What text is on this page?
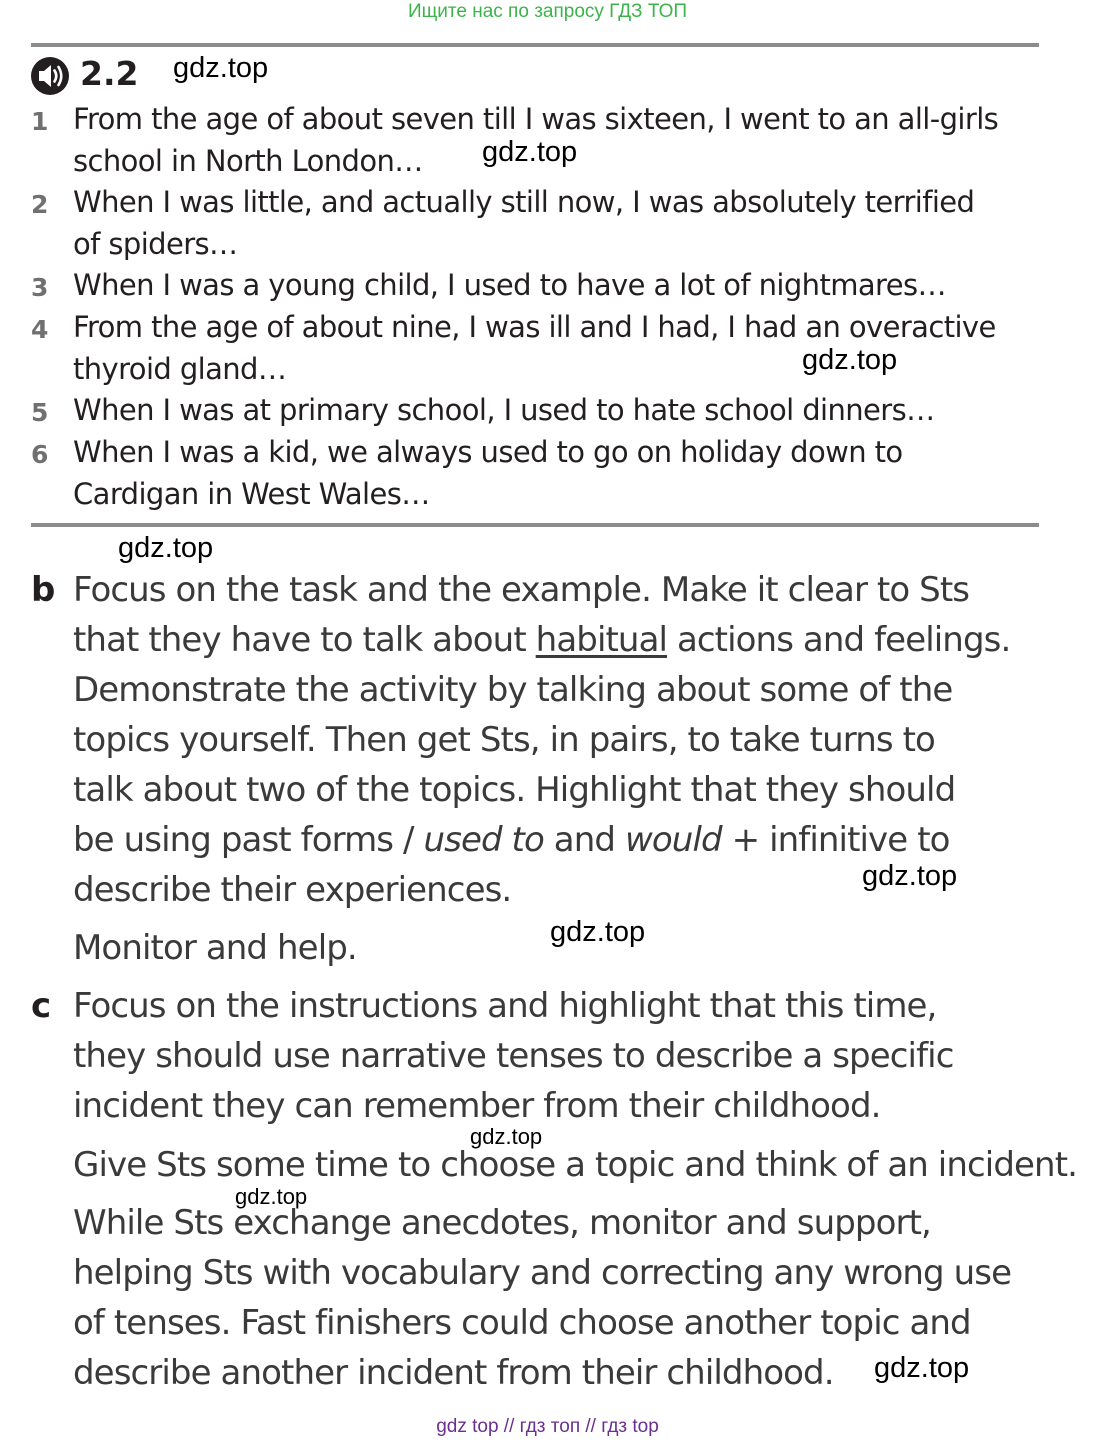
Ищите нас по запросу ГДЗ ТОП
2.2 gdz.top
1 From the age of about seven till I was sixteen, I went to an all-girls
school in North London… gdz.top
2 When I was little, and actually still now, I was absolutely terrified
of spiders…
3 When I was a young child, I used to have a lot of nightmares…
4 From the age of about nine, I was ill and I had, I had an overactive
thyroid gland…	gdz.top
5 When I was at primary school, I used to hate school dinners…
6 When I was a kid, we always used to go on holiday down to
Cardigan in West Wales…
gdz.top
b Focus on the task and the example. Make it clear to Sts
that they have to talk about habitual actions and feelings.
Demonstrate the activity by talking about some of the
topics yourself. Then get Sts, in pairs, to take turns to
talk about two of the topics. Highlight that they should
be using past forms / used to and would + infinitive to
describe their experiences.	gdz.top
Monitor and help.	gdz.top
c Focus on the instructions and highlight that this time,
they should use narrative tenses to describe a specific
incident they can remember from their childhood.
gdz.top
Give Sts some time to choose a topic and think of an incident.
gdz.top
While Sts exchange anecdotes, monitor and support,
helping Sts with vocabulary and correcting any wrong use
of tenses. Fast finishers could choose another topic and
describe another incident from their childhood. gdz.top
gdz top // гдз топ // гдз top
